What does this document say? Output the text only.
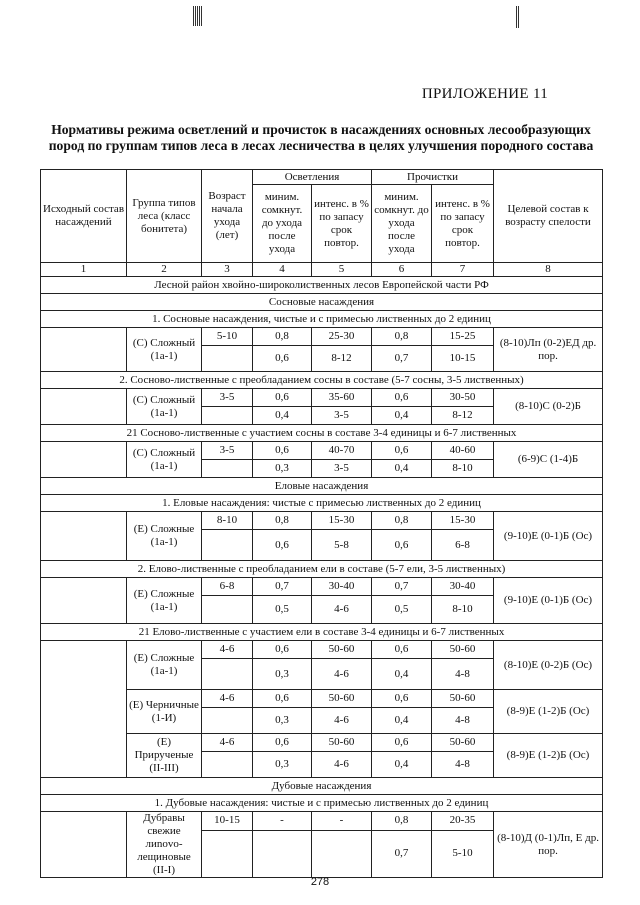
ПРИЛОЖЕНИЕ 11
Нормативы режима осветлений и прочисток в насаждениях основных лесообразующих пород по группам типов леса в лесах лесничества в целях улучшения породного состава
Исходный состав насаждений	Группа типов леса (класс бонитета)	Возраст начала ухода (лет)	Осветления		Прочистки		Целевой состав к возрасту спелости
			миним. сомкнут. до ухода после ухода	интенс. в % по запасу срок повтор.	миним. сомкнут. до ухода после ухода	интенс. в % по запасу срок повтор.	
1	2	3	4	5	6	7	8
Лесной район хвойно-широколиственных лесов Европейской части РФ							
Сосновые насаждения							
1. Сосновые насаждения, чистые и с примесью лиственных до 2 единиц							
	(С) Сложный (1а-1)	5-10	0,8	25-30	0,8	15-25	(8-10)Лп (0-2)ЕД др. пор.
			0,6	8-12	0,7	10-15	
2. Сосново-лиственные с преобладанием сосны в составе (5-7 сосны, 3-5 лиственных)							
	(С) Сложный (1а-1)	3-5	0,6	35-60	0,6	30-50	(8-10)С (0-2)Б
			0,4	3-5	0,4	8-12	
21 Сосново-лиственные с участием сосны в составе 3-4 единицы и 6-7 лиственных							
	(С) Сложный (1а-1)	3-5	0,6	40-70	0,6	40-60	(6-9)С (1-4)Б
			0,3	3-5	0,4	8-10	
Еловые насаждения							
1. Еловые насаждения: чистые с примесью лиственных до 2 единиц							
	(Е) Сложные (1а-1)	8-10	0,8	15-30	0,8	15-30	(9-10)Е (0-1)Б (Ос)
			0,6	5-8	0,6	6-8	
2. Елово-лиственные с преобладанием ели в составе (5-7 ели, 3-5 лиственных)							
	(Е) Сложные (1а-1)	6-8	0,7	30-40	0,7	30-40	(9-10)Е (0-1)Б (Ос)
			0,5	4-6	0,5	8-10	
21 Елово-лиственные с участием ели в составе 3-4 единицы и 6-7 лиственных							
	(Е) Сложные (1а-1)	4-6	0,6	50-60	0,6	50-60	(8-10)Е (0-2)Б (Ос)
			0,3	4-6	0,4	4-8	
	(Е) Черничные (1-И)	4-6	0,6	50-60	0,6	50-60	(8-9)Е (1-2)Б (Ос)
			0,3	4-6	0,4	4-8	
	(Е) Прирученые (II-III)	4-6	0,6	50-60	0,6	50-60	(8-9)Е (1-2)Б (Ос)
			0,3	4-6	0,4	4-8	
Дубовые насаждения							
1. Дубовые насаждения: чистые и с примесью лиственных до 2 единиц							
	Дубравы свежие лиnovo-лещиновые (II-I)	10-15	-	-	0,8	20-35	(8-10)Д (0-1)Лп, Е др. пор.
					0,7	5-10	
278
